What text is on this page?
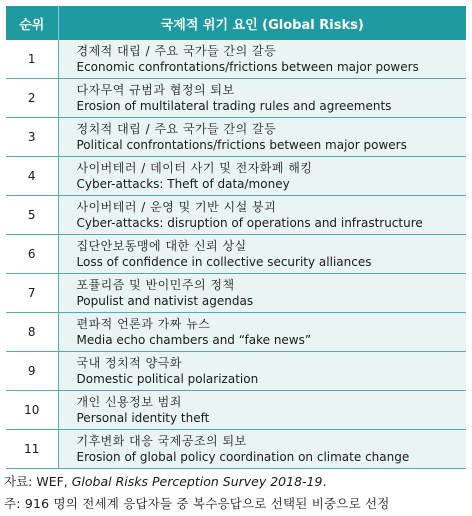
순위	국제적 위기 요인 (Global Risks)
1	경제적 대립 / 주요 국가들 간의 갈등
Economic confrontations/frictions between major powers

2	다자무역 규범과 협정의 퇴보
Erosion of multilateral trading rules and agreements

3	정치적 대립 / 주요 국가들 간의 갈등
Political confrontations/frictions between major powers

4	사이버테러 / 데이터 사기 및 전자화폐 해킹
Cyber-attacks: Theft of data/money

5	사이버테러 / 운영 및 기반 시설 붕괴
Cyber-attacks: disruption of operations and infrastructure

6	집단안보동맹에 대한 신뢰 상실
Loss of confidence in collective security alliances

7	포퓰리즘 및 반이민주의 정책
Populist and nativist agendas

8	편파적 언론과 가짜 뉴스
Media echo chambers and “fake news”

9	국내 정치적 양극화
Domestic political polarization

10	개인 신용정보 범죄
Personal identity theft

11	기후변화 대응 국제공조의 퇴보
Erosion of global policy coordination on climate change
자료: WEF, Global Risks Perception Survey 2018-19.
주: 916 명의 전세계 응답자들 중 복수응답으로 선택된 비중으로 선정
